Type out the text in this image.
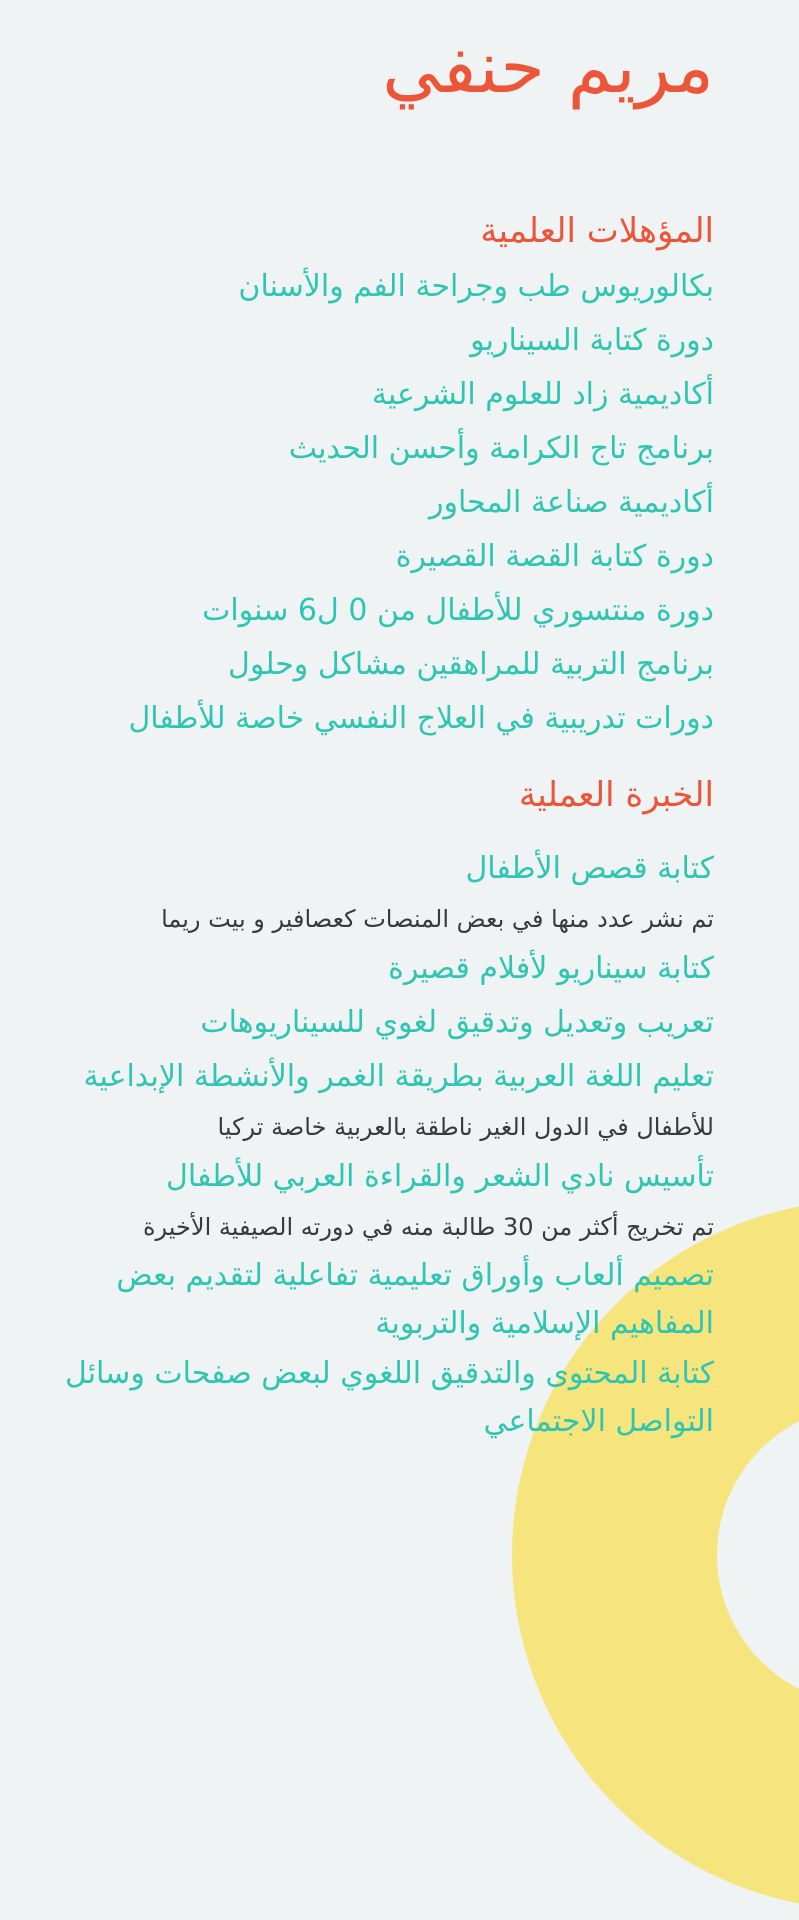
مريم حنفي
المؤهلات العلمية
بكالوريوس طب وجراحة الفم والأسنان
دورة كتابة السيناريو
أكاديمية زاد للعلوم الشرعية
برنامج تاج الكرامة وأحسن الحديث
أكاديمية صناعة المحاور
دورة كتابة القصة القصيرة
دورة منتسوري للأطفال من 0 ل6 سنوات
برنامج التربية للمراهقين مشاكل وحلول
دورات تدريبية في العلاج النفسي خاصة للأطفال
الخبرة العملية

كتابة قصص الأطفال

تم نشر عدد منها في بعض المنصات كعصافير و بيت ريما

كتابة سيناريو لأفلام قصيرة

تعريب وتعديل وتدقيق لغوي للسيناريوهات

تعليم اللغة العربية بطريقة الغمر والأنشطة الإبداعية

للأطفال في الدول الغير ناطقة بالعربية خاصة تركيا

تأسيس نادي الشعر والقراءة العربي للأطفال

تم تخريج أكثر من 30 طالبة منه في دورته الصيفية الأخيرة

تصميم ألعاب وأوراق تعليمية تفاعلية لتقديم بعض المفاهيم الإسلامية والتربوية

كتابة المحتوى والتدقيق اللغوي لبعض صفحات وسائل التواصل الاجتماعي
